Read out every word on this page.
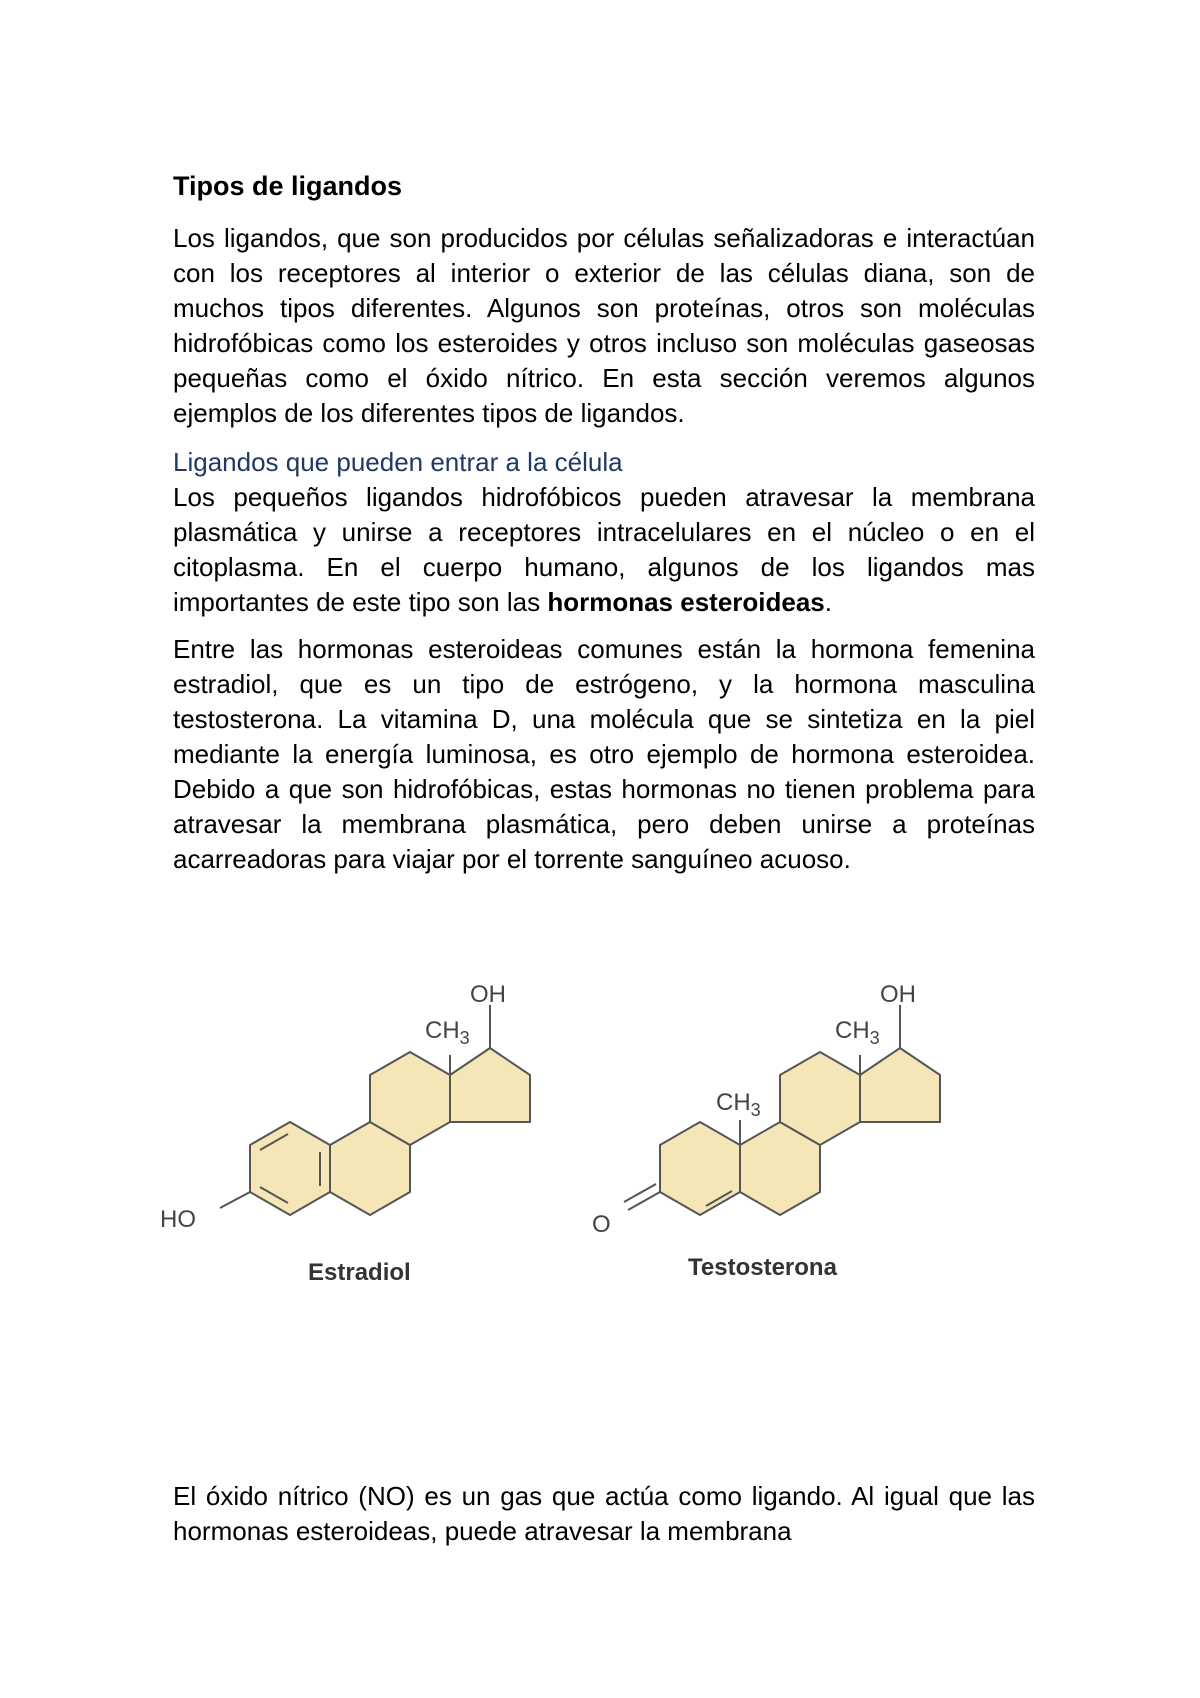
Tipos de ligandos

Los ligandos, que son producidos por células señalizadoras e interactúan con los receptores al interior o exterior de las células diana, son de muchos tipos diferentes. Algunos son proteínas, otros son moléculas hidrofóbicas como los esteroides y otros incluso son moléculas gaseosas pequeñas como el óxido nítrico. En esta sección veremos algunos ejemplos de los diferentes tipos de ligandos.

Ligandos que pueden entrar a la célula

Los pequeños ligandos hidrofóbicos pueden atravesar la membrana plasmática y unirse a receptores intracelulares en el núcleo o en el citoplasma. En el cuerpo humano, algunos de los ligandos mas importantes de este tipo son las hormonas esteroideas.

Entre las hormonas esteroideas comunes están la hormona femenina estradiol, que es un tipo de estrógeno, y la hormona masculina testosterona. La vitamina D, una molécula que se sintetiza en la piel mediante la energía luminosa, es otro ejemplo de hormona esteroidea. Debido a que son hidrofóbicas, estas hormonas no tienen problema para atravesar la membrana plasmática, pero deben unirse a proteínas acarreadoras para viajar por el torrente sanguíneo acuoso.

OH
$CH_3$
HO
Estradiol
OH
$CH_3$
$CH_3$
O
Testosterona

El óxido nítrico (NO) es un gas que actúa como ligando. Al igual que las hormonas esteroideas, puede atravesar la membrana
